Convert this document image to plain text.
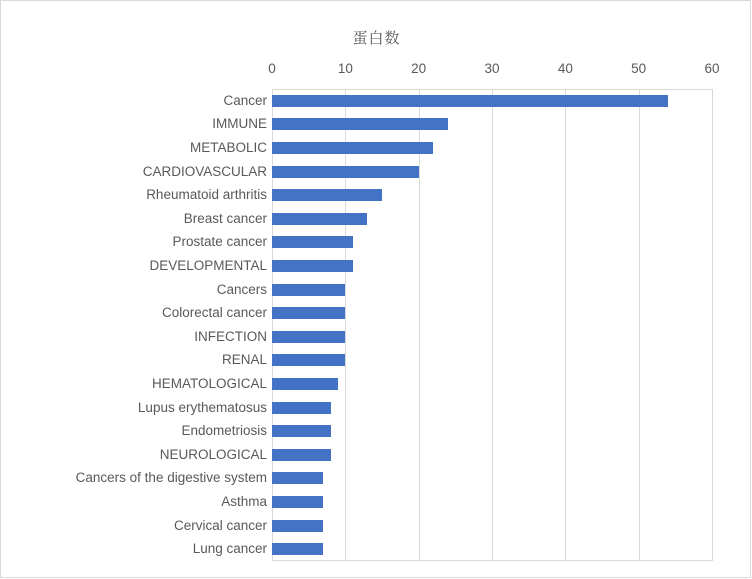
蛋白数
0	10	20	30	40	50	60
Cancer
IMMUNE
METABOLIC
CARDIOVASCULAR
Rheumatoid arthritis
Breast cancer
Prostate cancer
DEVELOPMENTAL
Cancers
Colorectal cancer
INFECTION
RENAL
HEMATOLOGICAL
Lupus erythematosus
Endometriosis
NEUROLOGICAL
Cancers of the digestive system
Asthma
Cervical cancer
Lung cancer
